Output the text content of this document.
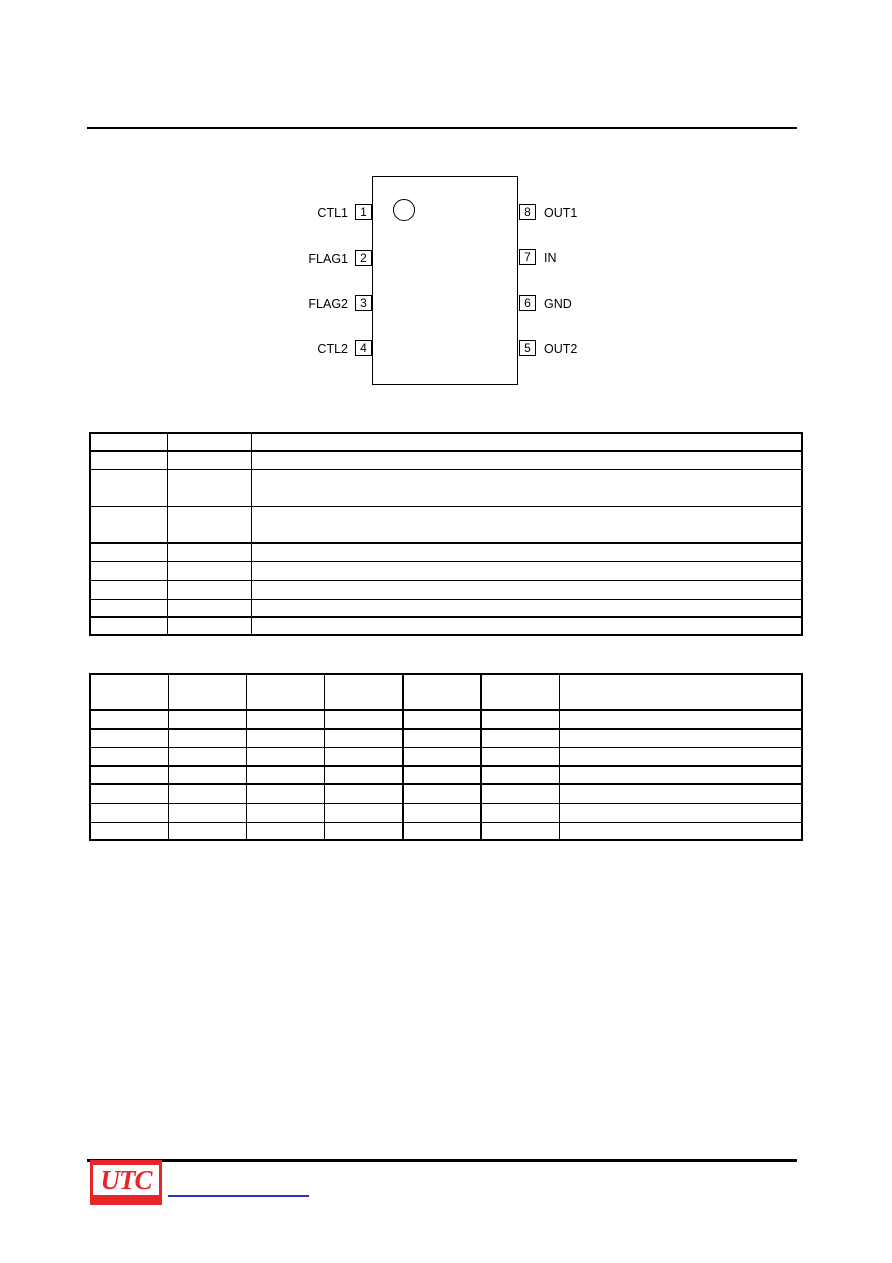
CTL1	1
FLAG1	2
FLAG2	3
CTL2	4
8	OUT1
7	IN
6	GND
5	OUT2

UTC
